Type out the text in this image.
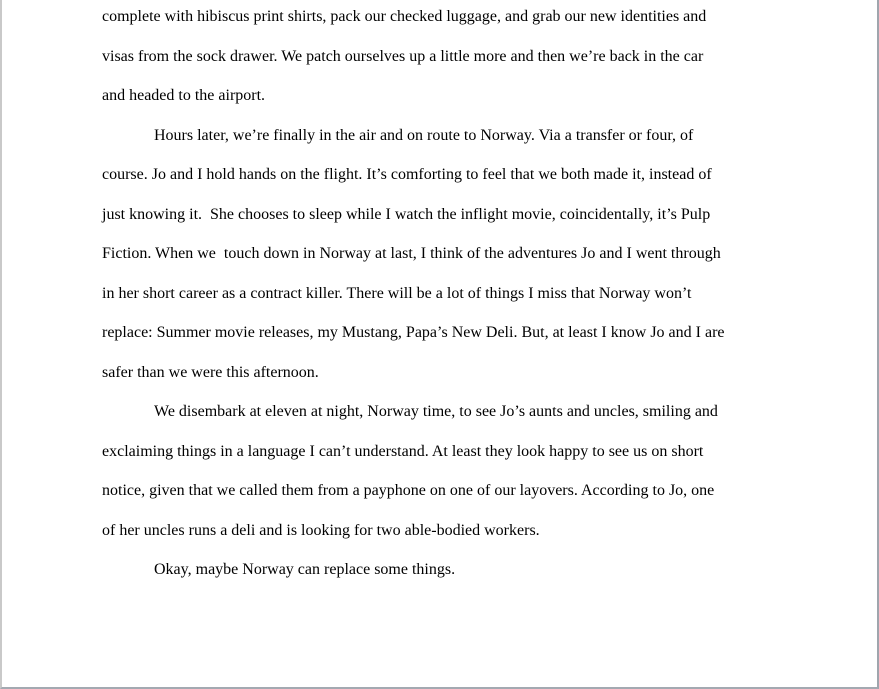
complete with hibiscus print shirts, pack our checked luggage, and grab our new identities and
visas from the sock drawer. We patch ourselves up a little more and then we’re back in the car
and headed to the airport.
Hours later, we’re finally in the air and on route to Norway. Via a transfer or four, of
course. Jo and I hold hands on the flight. It’s comforting to feel that we both made it, instead of
just knowing it.  She chooses to sleep while I watch the inflight movie, coincidentally, it’s Pulp
Fiction. When we  touch down in Norway at last, I think of the adventures Jo and I went through
in her short career as a contract killer. There will be a lot of things I miss that Norway won’t
replace: Summer movie releases, my Mustang, Papa’s New Deli. But, at least I know Jo and I are
safer than we were this afternoon.
We disembark at eleven at night, Norway time, to see Jo’s aunts and uncles, smiling and
exclaiming things in a language I can’t understand. At least they look happy to see us on short
notice, given that we called them from a payphone on one of our layovers. According to Jo, one
of her uncles runs a deli and is looking for two able-bodied workers.
Okay, maybe Norway can replace some things.
